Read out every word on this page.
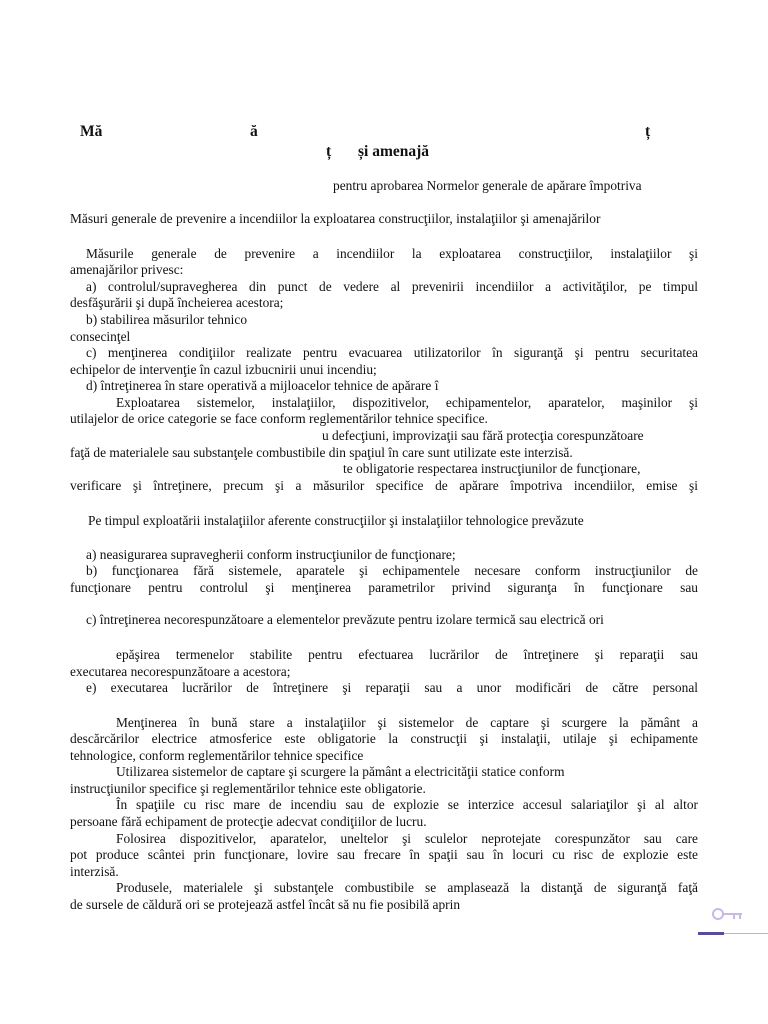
Mă	ă	ț
ț și amenajă
pentru aprobarea Normelor generale de apărare împotriva
Măsuri generale de prevenire a incendiilor la exploatarea construcţiilor, instalaţiilor şi amenajărilor
Măsurile generale de prevenire a incendiilor la exploatarea construcţiilor, instalaţiilor şi
amenajărilor privesc:
a) controlul/supravegherea din punct de vedere al prevenirii incendiilor a activităţilor, pe timpul
desfăşurării şi după încheierea acestora;
b) stabilirea măsurilor tehnico
consecinţel
c) menţinerea condiţiilor realizate pentru evacuarea utilizatorilor în siguranţă şi pentru securitatea
echipelor de intervenţie în cazul izbucnirii unui incendiu;
d) întreţinerea în stare operativă a mijloacelor tehnice de apărare î
Exploatarea sistemelor, instalaţiilor, dispozitivelor, echipamentelor, aparatelor, maşinilor şi
utilajelor de orice categorie se face conform reglementărilor tehnice specifice.
u defecţiuni, improvizaţii sau fără protecţia corespunzătoare
faţă de materialele sau substanţele combustibile din spaţiul în care sunt utilizate este interzisă.
te obligatorie respectarea instrucţiunilor de funcţionare,
verificare şi întreţinere, precum şi a măsurilor specifice de apărare împotriva incendiilor, emise şi
Pe timpul exploatării instalaţiilor aferente construcţiilor şi instalaţiilor tehnologice prevăzute
a) neasigurarea supravegherii conform instrucţiunilor de funcţionare;
b) funcţionarea fără sistemele, aparatele şi echipamentele necesare conform instrucţiunilor de
funcţionare pentru controlul şi menţinerea parametrilor privind siguranţa în funcţionare sau
c) întreţinerea necorespunzătoare a elementelor prevăzute pentru izolare termică sau electrică ori
epăşirea termenelor stabilite pentru efectuarea lucrărilor de întreţinere şi reparaţii sau
executarea necorespunzătoare a acestora;
e) executarea lucrărilor de întreţinere şi reparaţii sau a unor modificări de către personal
Menţinerea în bună stare a instalaţiilor şi sistemelor de captare şi scurgere la pământ a
descărcărilor electrice atmosferice este obligatorie la construcţii şi instalaţii, utilaje şi echipamente
tehnologice, conform reglementărilor tehnice specifice
Utilizarea sistemelor de captare şi scurgere la pământ a electricităţii statice conform
instrucţiunilor specifice şi reglementărilor tehnice este obligatorie.
În spaţiile cu risc mare de incendiu sau de explozie se interzice accesul salariaţilor şi al altor
persoane fără echipament de protecţie adecvat condiţiilor de lucru.
Folosirea dispozitivelor, aparatelor, uneltelor şi sculelor neprotejate corespunzător sau care
pot produce scântei prin funcţionare, lovire sau frecare în spaţii sau în locuri cu risc de explozie este
interzisă.
Produsele, materialele şi substanţele combustibile se amplasează la distanţă de siguranţă faţă
de sursele de căldură ori se protejează astfel încât să nu fie posibilă aprin
